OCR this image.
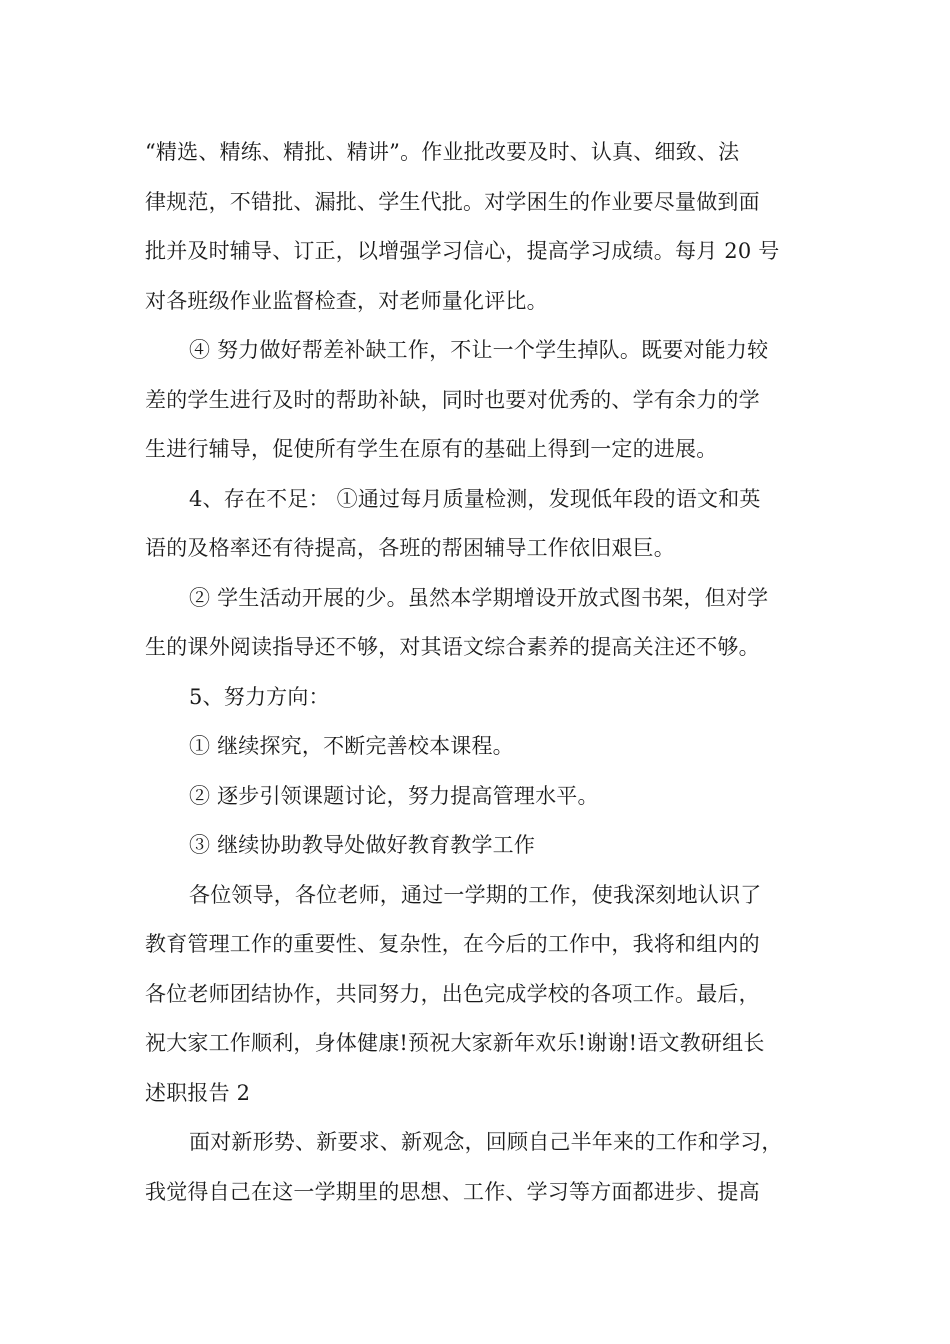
“精选、精练、精批、精讲”。作业批改要及时、认真、细致、法
律规范，不错批、漏批、学生代批。对学困生的作业要尽量做到面
批并及时辅导、订正，以增强学习信心，提高学习成绩。每月 20 号
对各班级作业监督检查，对老师量化评比。
④ 努力做好帮差补缺工作，不让一个学生掉队。既要对能力较
差的学生进行及时的帮助补缺，同时也要对优秀的、学有余力的学
生进行辅导，促使所有学生在原有的基础上得到一定的进展。
4、存在不足： ①通过每月质量检测，发现低年段的语文和英
语的及格率还有待提高，各班的帮困辅导工作依旧艰巨。
② 学生活动开展的少。虽然本学期增设开放式图书架，但对学
生的课外阅读指导还不够，对其语文综合素养的提高关注还不够。
5、努力方向：
① 继续探究，不断完善校本课程。
② 逐步引领课题讨论，努力提高管理水平。
③ 继续协助教导处做好教育教学工作
各位领导，各位老师，通过一学期的工作，使我深刻地认识了
教育管理工作的重要性、复杂性，在今后的工作中，我将和组内的
各位老师团结协作，共同努力，出色完成学校的各项工作。最后，
祝大家工作顺利，身体健康!预祝大家新年欢乐!谢谢!语文教研组长
述职报告 2
面对新形势、新要求、新观念，回顾自己半年来的工作和学习，
我觉得自己在这一学期里的思想、工作、学习等方面都进步、提高
